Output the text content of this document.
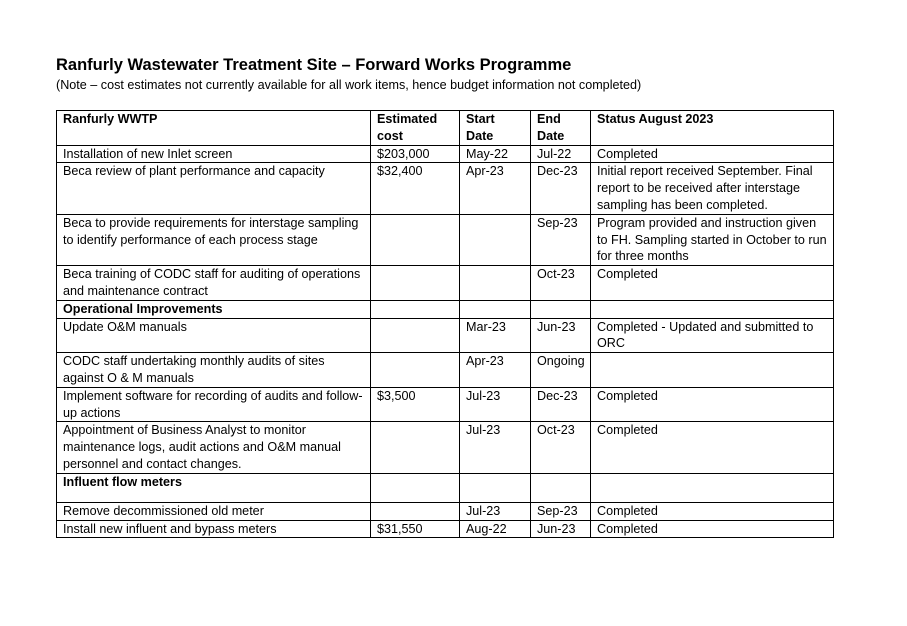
Ranfurly Wastewater Treatment Site – Forward Works Programme

(Note – cost estimates not currently available for all work items, hence budget information not completed)

Ranfurly WWTP	Estimated cost	Start Date	End Date	Status August 2023
Installation of new Inlet screen	$203,000	May-22	Jul-22	Completed
Beca review of plant performance and capacity	$32,400	Apr-23	Dec-23	Initial report received September. Final report to be received after interstage sampling has been completed.
Beca to provide requirements for interstage sampling to identify performance of each process stage			Sep-23	Program provided and instruction given to FH. Sampling started in October to run for three months
Beca training of CODC staff for auditing of operations and maintenance contract			Oct-23	Completed
Operational Improvements				
Update O&M manuals		Mar-23	Jun-23	Completed - Updated and submitted to ORC
CODC staff undertaking monthly audits of sites against O & M manuals		Apr-23	Ongoing	
Implement software for recording of audits and follow-up actions	$3,500	Jul-23	Dec-23	Completed
Appointment of Business Analyst to monitor maintenance logs, audit actions and O&M manual personnel and contact changes.		Jul-23	Oct-23	Completed
Influent flow meters				
Remove decommissioned old meter		Jul-23	Sep-23	Completed
Install new influent and bypass meters	$31,550	Aug-22	Jun-23	Completed
